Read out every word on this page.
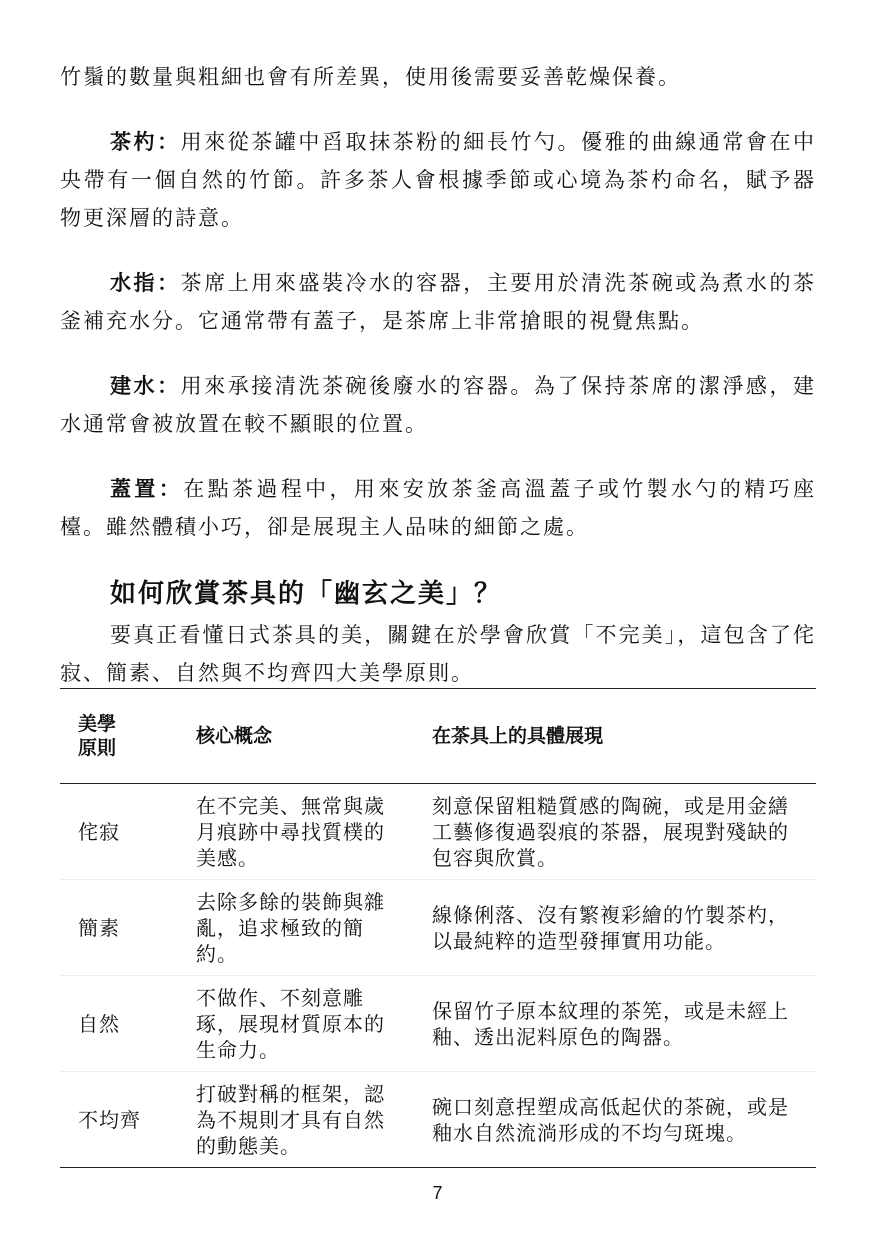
竹鬚的數量與粗細也會有所差異，使用後需要妥善乾燥保養。

茶杓：用來從茶罐中舀取抹茶粉的細長竹勺。優雅的曲線通常會在中央帶有一個自然的竹節。許多茶人會根據季節或心境為茶杓命名，賦予器物更深層的詩意。

水指：茶席上用來盛裝冷水的容器，主要用於清洗茶碗或為煮水的茶釜補充水分。它通常帶有蓋子，是茶席上非常搶眼的視覺焦點。

建水：用來承接清洗茶碗後廢水的容器。為了保持茶席的潔淨感，建水通常會被放置在較不顯眼的位置。

蓋置：在點茶過程中，用來安放茶釜高溫蓋子或竹製水勺的精巧座檯。雖然體積小巧，卻是展現主人品味的細節之處。

如何欣賞茶具的「幽玄之美」？

要真正看懂日式茶具的美，關鍵在於學會欣賞「不完美」，這包含了侘寂、簡素、自然與不均齊四大美學原則。

美學原則	核心概念	在茶具上的具體展現
侘寂	在不完美、無常與歲月痕跡中尋找質樸的美感。	刻意保留粗糙質感的陶碗，或是用金繕工藝修復過裂痕的茶器，展現對殘缺的包容與欣賞。
簡素	去除多餘的裝飾與雜亂，追求極致的簡約。	線條俐落、沒有繁複彩繪的竹製茶杓，以最純粹的造型發揮實用功能。
自然	不做作、不刻意雕琢，展現材質原本的生命力。	保留竹子原本紋理的茶筅，或是未經上釉、透出泥料原色的陶器。
不均齊	打破對稱的框架，認為不規則才具有自然的動態美。	碗口刻意捏塑成高低起伏的茶碗，或是釉水自然流淌形成的不均勻斑塊。
7
